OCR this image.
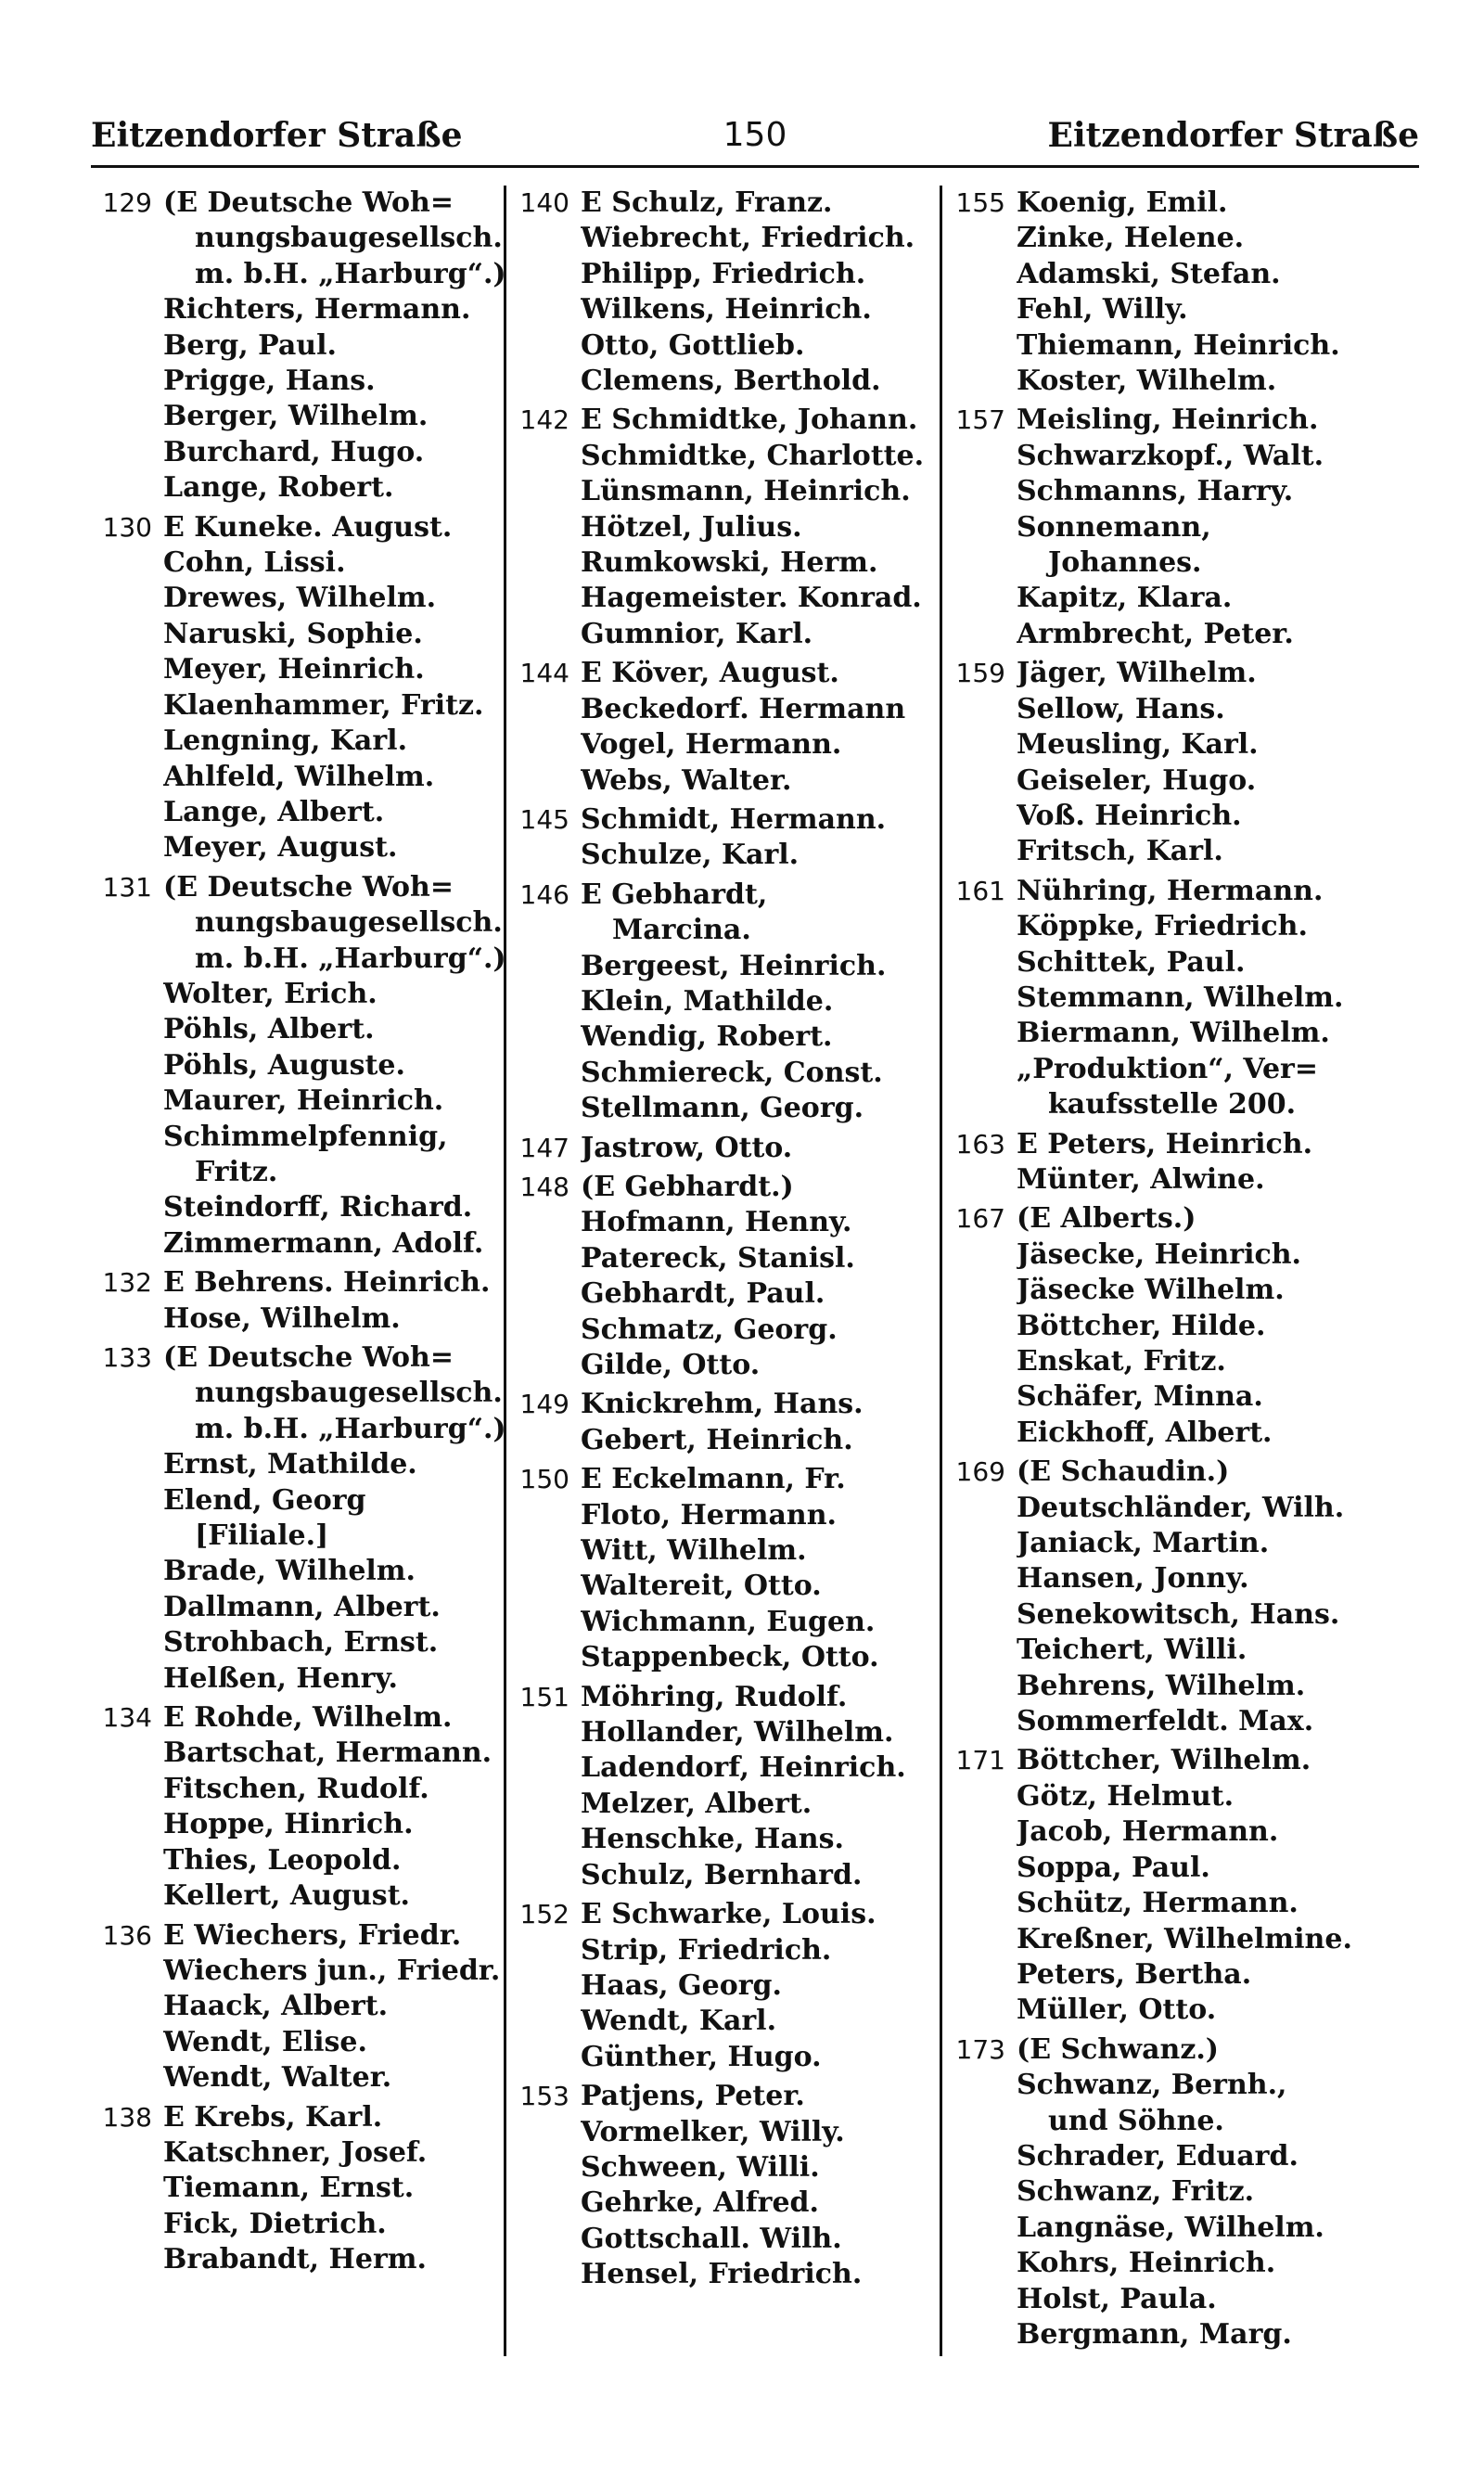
Eitzendorfer Straße	150	Eitzendorfer Straße
129 (E Deutsche Woh=
nungsbaugesellsch.
m. b.H. „Harburg“.)
Richters, Hermann.
Berg, Paul.
Prigge, Hans.
Berger, Wilhelm.
Burchard, Hugo.
Lange, Robert.
130 E Kuneke. August.
Cohn, Lissi.
Drewes, Wilhelm.
Naruski, Sophie.
Meyer, Heinrich.
Klaenhammer, Fritz.
Lengning, Karl.
Ahlfeld, Wilhelm.
Lange, Albert.
Meyer, August.
131 (E Deutsche Woh=
nungsbaugesellsch.
m. b.H. „Harburg“.)
Wolter, Erich.
Pöhls, Albert.
Pöhls, Auguste.
Maurer, Heinrich.
Schimmelpfennig,
Fritz.
Steindorff, Richard.
Zimmermann, Adolf.
132 E Behrens. Heinrich.
Hose, Wilhelm.
133 (E Deutsche Woh=
nungsbaugesellsch.
m. b.H. „Harburg“.)
Ernst, Mathilde.
Elend, Georg
[Filiale.]
Brade, Wilhelm.
Dallmann, Albert.
Strohbach, Ernst.
Helßen, Henry.
134 E Rohde, Wilhelm.
Bartschat, Hermann.
Fitschen, Rudolf.
Hoppe, Hinrich.
Thies, Leopold.
Kellert, August.
136 E Wiechers, Friedr.
Wiechers jun., Friedr.
Haack, Albert.
Wendt, Elise.
Wendt, Walter.
138 E Krebs, Karl.
Katschner, Josef.
Tiemann, Ernst.
Fick, Dietrich.
Brabandt, Herm.
140 E Schulz, Franz.
Wiebrecht, Friedrich.
Philipp, Friedrich.
Wilkens, Heinrich.
Otto, Gottlieb.
Clemens, Berthold.
142 E Schmidtke, Johann.
Schmidtke, Charlotte.
Lünsmann, Heinrich.
Hötzel, Julius.
Rumkowski, Herm.
Hagemeister. Konrad.
Gumnior, Karl.
144 E Köver, August.
Beckedorf. Hermann
Vogel, Hermann.
Webs, Walter.
145 Schmidt, Hermann.
Schulze, Karl.
146 E Gebhardt,
Marcina.
Bergeest, Heinrich.
Klein, Mathilde.
Wendig, Robert.
Schmiereck, Const.
Stellmann, Georg.
147 Jastrow, Otto.
148 (E Gebhardt.)
Hofmann, Henny.
Patereck, Stanisl.
Gebhardt, Paul.
Schmatz, Georg.
Gilde, Otto.
149 Knickrehm, Hans.
Gebert, Heinrich.
150 E Eckelmann, Fr.
Floto, Hermann.
Witt, Wilhelm.
Waltereit, Otto.
Wichmann, Eugen.
Stappenbeck, Otto.
151 Möhring, Rudolf.
Hollander, Wilhelm.
Ladendorf, Heinrich.
Melzer, Albert.
Henschke, Hans.
Schulz, Bernhard.
152 E Schwarke, Louis.
Strip, Friedrich.
Haas, Georg.
Wendt, Karl.
Günther, Hugo.
153 Patjens, Peter.
Vormelker, Willy.
Schween, Willi.
Gehrke, Alfred.
Gottschall. Wilh.
Hensel, Friedrich.
155 Koenig, Emil.
Zinke, Helene.
Adamski, Stefan.
Fehl, Willy.
Thiemann, Heinrich.
Koster, Wilhelm.
157 Meisling, Heinrich.
Schwarzkopf., Walt.
Schmanns, Harry.
Sonnemann,
Johannes.
Kapitz, Klara.
Armbrecht, Peter.
159 Jäger, Wilhelm.
Sellow, Hans.
Meusling, Karl.
Geiseler, Hugo.
Voß. Heinrich.
Fritsch, Karl.
161 Nühring, Hermann.
Köppke, Friedrich.
Schittek, Paul.
Stemmann, Wilhelm.
Biermann, Wilhelm.
„Produktion“, Ver=
kaufsstelle 200.
163 E Peters, Heinrich.
Münter, Alwine.
167 (E Alberts.)
Jäsecke, Heinrich.
Jäsecke Wilhelm.
Böttcher, Hilde.
Enskat, Fritz.
Schäfer, Minna.
Eickhoff, Albert.
169 (E Schaudin.)
Deutschländer, Wilh.
Janiack, Martin.
Hansen, Jonny.
Senekowitsch, Hans.
Teichert, Willi.
Behrens, Wilhelm.
Sommerfeldt. Max.
171 Böttcher, Wilhelm.
Götz, Helmut.
Jacob, Hermann.
Soppa, Paul.
Schütz, Hermann.
Kreßner, Wilhelmine.
Peters, Bertha.
Müller, Otto.
173 (E Schwanz.)
Schwanz, Bernh.,
und Söhne.
Schrader, Eduard.
Schwanz, Fritz.
Langnäse, Wilhelm.
Kohrs, Heinrich.
Holst, Paula.
Bergmann, Marg.
